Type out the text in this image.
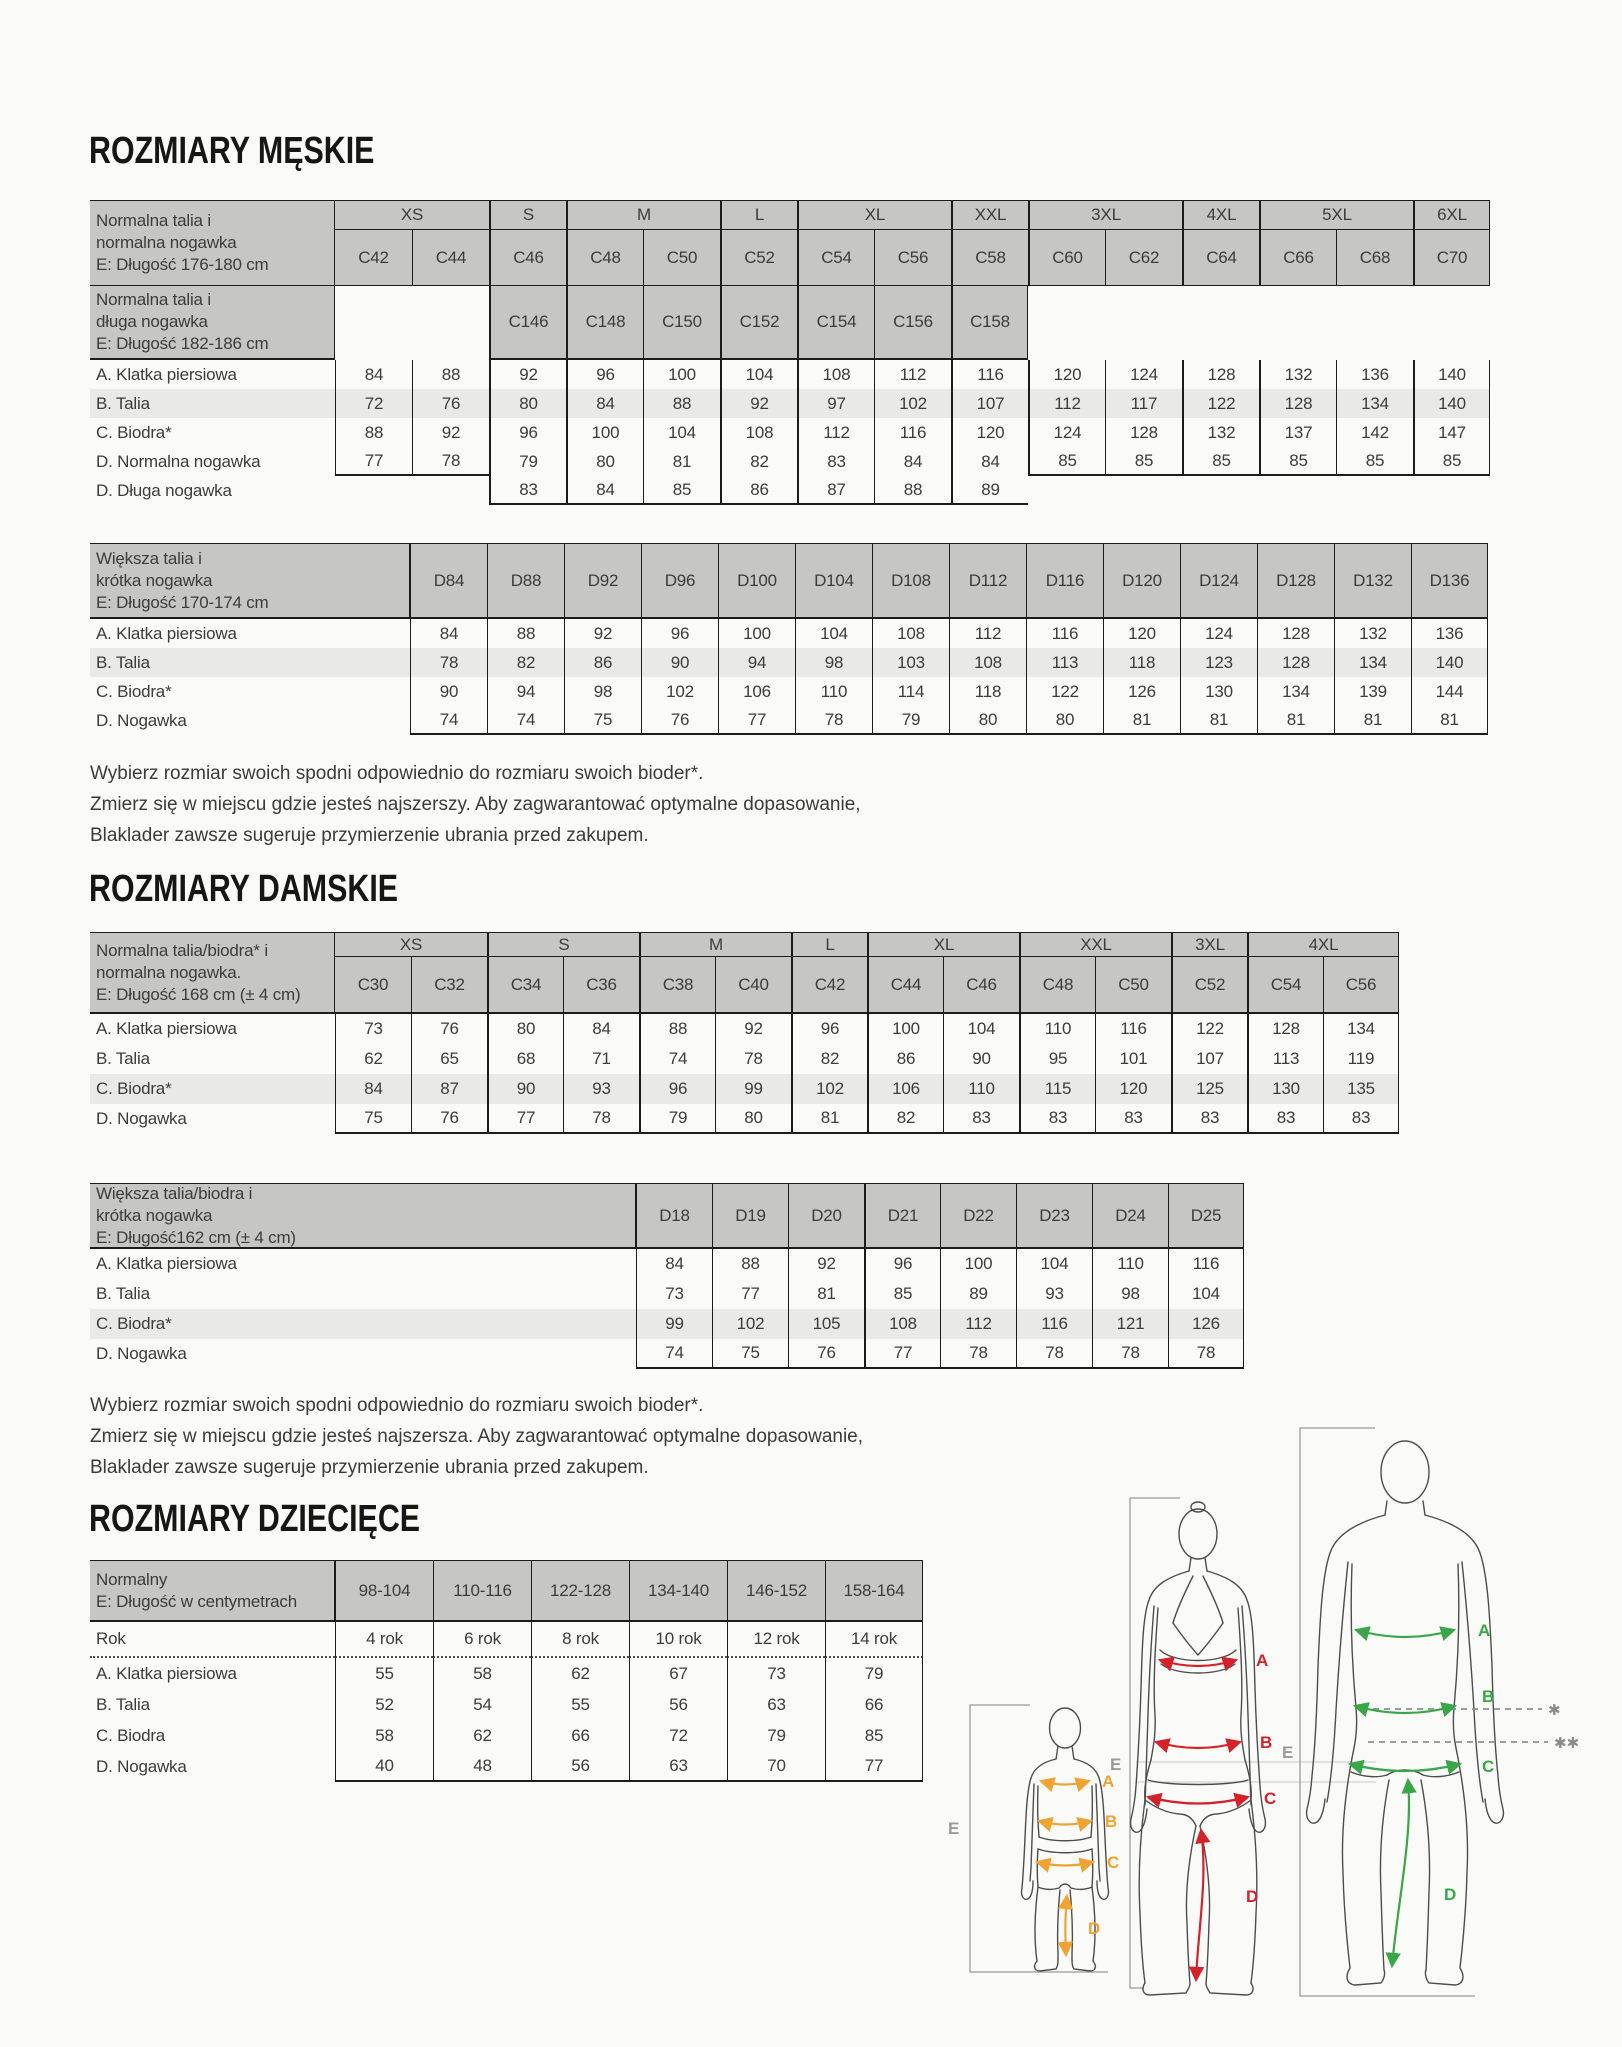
ROZMIARY MĘSKIE
Normalna talia i
normalna nogawka
E: Długość 176-180 cm
XS	S	M	L	XL	XXL	3XL	4XL	5XL	6XL
C42	C44	C46	C48	C50	C52	C54	C56	C58	C60	C62	C64	C66	C68	C70
Normalna talia i
długa nogawka
E: Długość 182-186 cm
C146	C148	C150	C152	C154	C156	C158
A. Klatka piersiowa	84	88	92	96	100	104	108	112	116	120	124	128	132	136	140
B. Talia	72	76	80	84	88	92	97	102	107	112	117	122	128	134	140
C. Biodra*	88	92	96	100	104	108	112	116	120	124	128	132	137	142	147
D. Normalna nogawka	77	78	79	80	81	82	83	84	84	85	85	85	85	85	85
D. Długa nogawka	83	84	85	86	87	88	89
Większa talia i
krótka nogawka
E: Długość 170-174 cm
D84	D88	D92	D96	D100	D104	D108	D112	D116	D120	D124	D128	D132	D136
A. Klatka piersiowa	84	88	92	96	100	104	108	112	116	120	124	128	132	136
B. Talia	78	82	86	90	94	98	103	108	113	118	123	128	134	140
C. Biodra*	90	94	98	102	106	110	114	118	122	126	130	134	139	144
D. Nogawka	74	74	75	76	77	78	79	80	80	81	81	81	81	81
Wybierz rozmiar swoich spodni odpowiednio do rozmiaru swoich bioder*.
Zmierz się w miejscu gdzie jesteś najszerszy. Aby zagwarantować optymalne dopasowanie,
Blaklader zawsze sugeruje przymierzenie ubrania przed zakupem.
ROZMIARY DAMSKIE
Normalna talia/biodra* i
normalna nogawka.
E: Długość 168 cm (± 4 cm)
XS	S	M	L	XL	XXL	3XL	4XL
C30	C32	C34	C36	C38	C40	C42	C44	C46	C48	C50	C52	C54	C56
A. Klatka piersiowa	73	76	80	84	88	92	96	100	104	110	116	122	128	134
B. Talia	62	65	68	71	74	78	82	86	90	95	101	107	113	119
C. Biodra*	84	87	90	93	96	99	102	106	110	115	120	125	130	135
D. Nogawka	75	76	77	78	79	80	81	82	83	83	83	83	83	83
Większa talia/biodra i
krótka nogawka
E: Długość162 cm (± 4 cm)
D18	D19	D20	D21	D22	D23	D24	D25
A. Klatka piersiowa	84	88	92	96	100	104	110	116
B. Talia	73	77	81	85	89	93	98	104
C. Biodra*	99	102	105	108	112	116	121	126
D. Nogawka	74	75	76	77	78	78	78	78
Wybierz rozmiar swoich spodni odpowiednio do rozmiaru swoich bioder*.
Zmierz się w miejscu gdzie jesteś najszersza. Aby zagwarantować optymalne dopasowanie,
Blaklader zawsze sugeruje przymierzenie ubrania przed zakupem.
ROZMIARY DZIECIĘCE
Normalny
E: Długość w centymetrach
98-104	110-116	122-128	134-140	146-152	158-164
Rok	4 rok	6 rok	8 rok	10 rok	12 rok	14 rok
A. Klatka piersiowa	55	58	62	67	73	79
B. Talia	52	54	55	56	63	66
C. Biodra	58	62	66	72	79	85
D. Nogawka	40	48	56	63	70	77
A
B
C
D
E
A
B
C
D
E
A
B
C
D
E
✱
✱✱
